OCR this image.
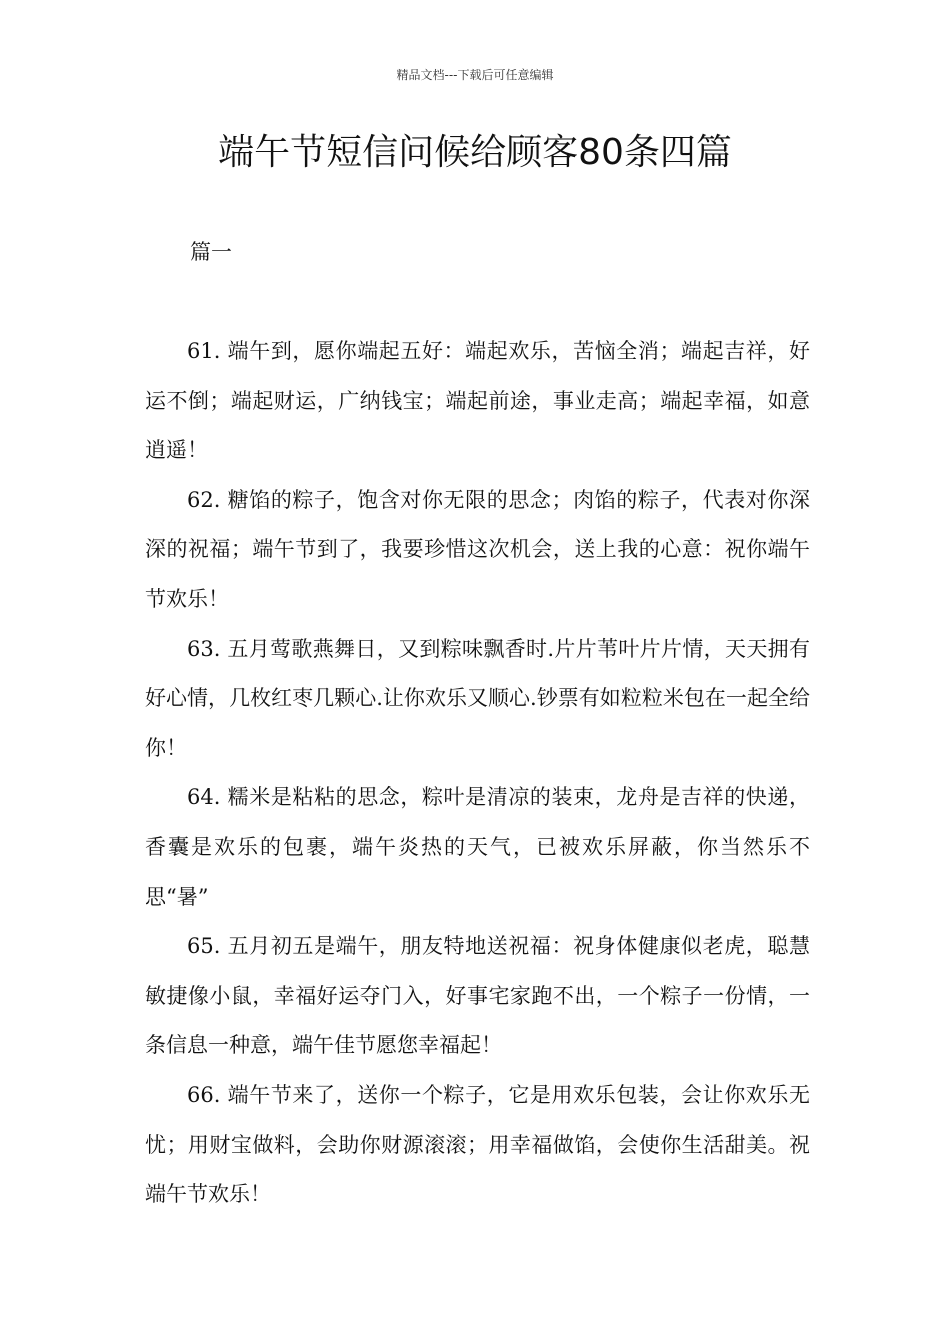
精品文档---下载后可任意编辑
端午节短信问候给顾客80条四篇
篇一

61. 端午到，愿你端起五好：端起欢乐，苦恼全消；端起吉祥，好运不倒；端起财运，广纳钱宝；端起前途，事业走高；端起幸福，如意逍遥！

62. 糖馅的粽子，饱含对你无限的思念；肉馅的粽子，代表对你深深的祝福；端午节到了，我要珍惜这次机会，送上我的心意：祝你端午节欢乐！

63. 五月莺歌燕舞日，又到粽味飘香时.片片苇叶片片情，天天拥有好心情，几枚红枣几颗心.让你欢乐又顺心.钞票有如粒粒米包在一起全给你！

64. 糯米是粘粘的思念，粽叶是清凉的装束，龙舟是吉祥的快递，香囊是欢乐的包裹，端午炎热的天气，已被欢乐屏蔽，你当然乐不思“暑”

65. 五月初五是端午，朋友特地送祝福：祝身体健康似老虎，聪慧敏捷像小鼠，幸福好运夺门入，好事宅家跑不出，一个粽子一份情，一条信息一种意，端午佳节愿您幸福起！

66. 端午节来了，送你一个粽子，它是用欢乐包装，会让你欢乐无忧；用财宝做料，会助你财源滚滚；用幸福做馅，会使你生活甜美。祝端午节欢乐！
